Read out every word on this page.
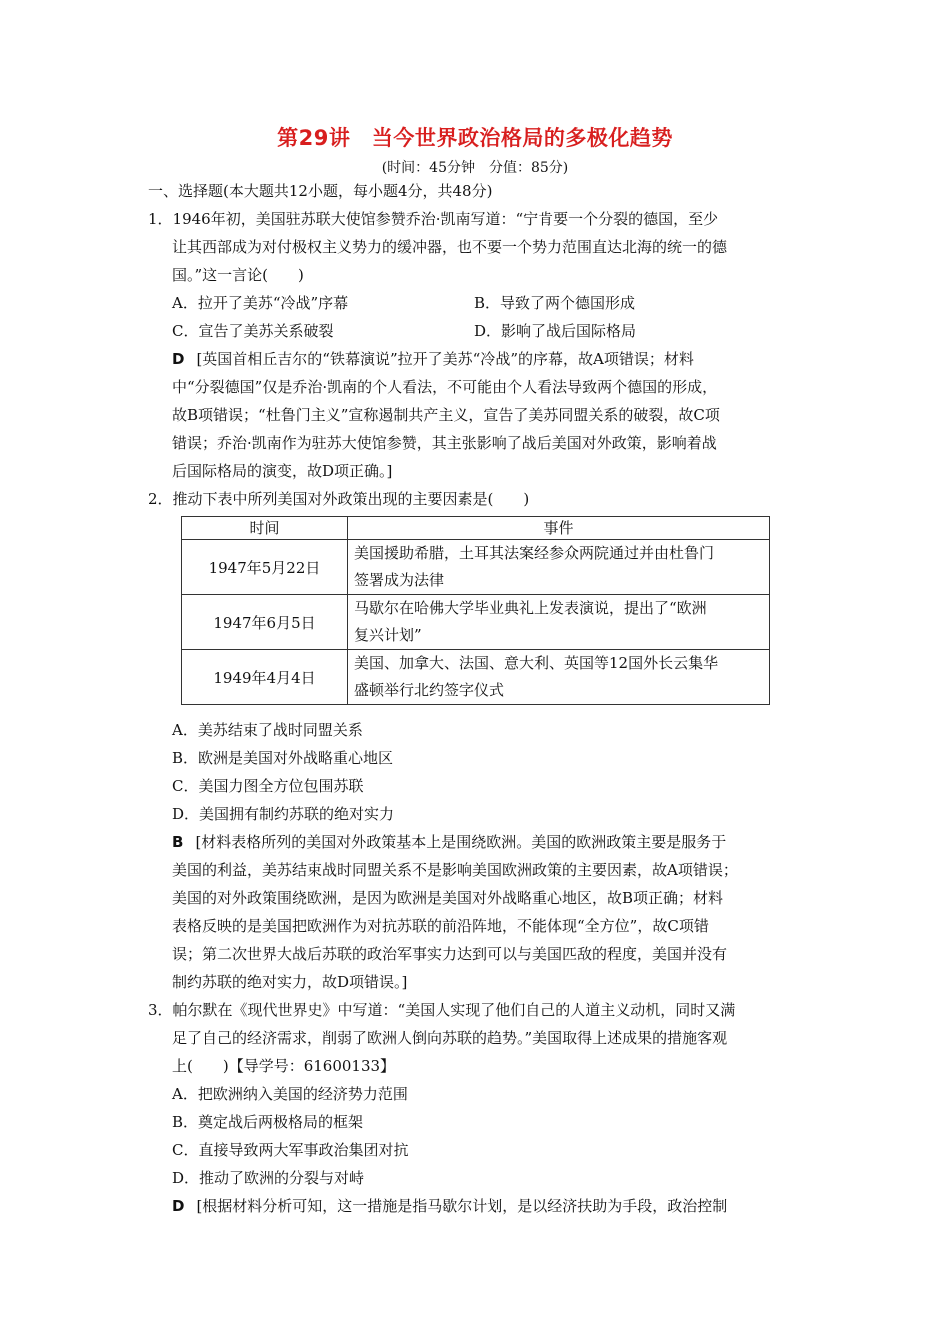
第29讲　当今世界政治格局的多极化趋势
(时间：45分钟　分值：85分)
一、选择题(本大题共12小题，每小题4分，共48分)
1．1946年初，美国驻苏联大使馆参赞乔治·凯南写道：“宁肯要一个分裂的德国，至少
让其西部成为对付极权主义势力的缓冲器，也不要一个势力范围直达北海的统一的德
国。”这一言论(　　)
A．拉开了美苏“冷战”序幕	B．导致了两个德国形成
C．宣告了美苏关系破裂	D．影响了战后国际格局
D [英国首相丘吉尔的“铁幕演说”拉开了美苏“冷战”的序幕，故A项错误；材料
中“分裂德国”仅是乔治·凯南的个人看法，不可能由个人看法导致两个德国的形成，
故B项错误；“杜鲁门主义”宣称遏制共产主义，宣告了美苏同盟关系的破裂，故C项
错误；乔治·凯南作为驻苏大使馆参赞，其主张影响了战后美国对外政策，影响着战
后国际格局的演变，故D项正确。]
2．推动下表中所列美国对外政策出现的主要因素是(　　)
时间	事件
1947年5月22日	美国援助希腊，土耳其法案经参众两院通过并由杜鲁门
签署成为法律
1947年6月5日	马歇尔在哈佛大学毕业典礼上发表演说，提出了“欧洲
复兴计划”
1949年4月4日	美国、加拿大、法国、意大利、英国等12国外长云集华
盛顿举行北约签字仪式
A．美苏结束了战时同盟关系
B．欧洲是美国对外战略重心地区
C．美国力图全方位包围苏联
D．美国拥有制约苏联的绝对实力
B [材料表格所列的美国对外政策基本上是围绕欧洲。美国的欧洲政策主要是服务于
美国的利益，美苏结束战时同盟关系不是影响美国欧洲政策的主要因素，故A项错误；
美国的对外政策围绕欧洲，是因为欧洲是美国对外战略重心地区，故B项正确；材料
表格反映的是美国把欧洲作为对抗苏联的前沿阵地，不能体现“全方位”，故C项错
误；第二次世界大战后苏联的政治军事实力达到可以与美国匹敌的程度，美国并没有
制约苏联的绝对实力，故D项错误。]
3．帕尔默在《现代世界史》中写道：“美国人实现了他们自己的人道主义动机，同时又满
足了自己的经济需求，削弱了欧洲人倒向苏联的趋势。”美国取得上述成果的措施客观
上(　　)【导学号：61600133】
A．把欧洲纳入美国的经济势力范围
B．奠定战后两极格局的框架
C．直接导致两大军事政治集团对抗
D．推动了欧洲的分裂与对峙
D [根据材料分析可知，这一措施是指马歇尔计划，是以经济扶助为手段，政治控制
